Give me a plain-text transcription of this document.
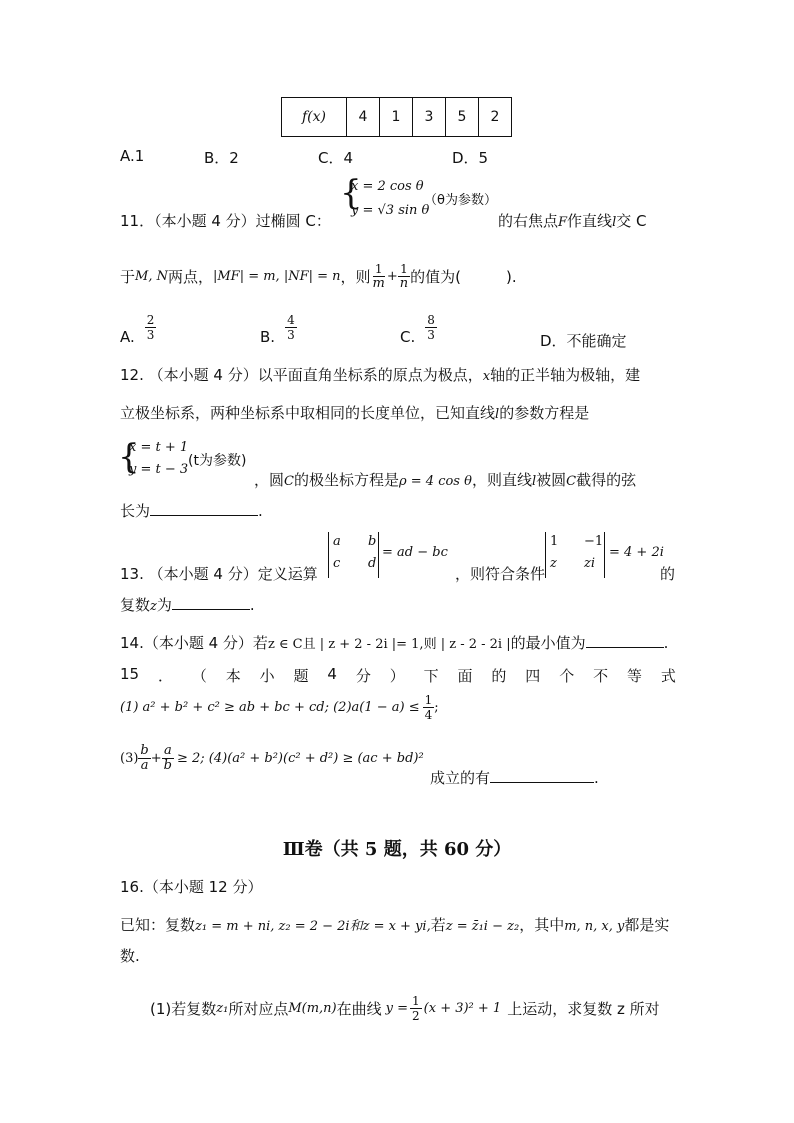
f(x)	4	1	3	5	2
A.1	B．2	C．4	D．5
11．（本小题 4 分）过椭圆 C：
{
x = 2 cos θ
y = √3 sin θ
（θ为参数）
的右焦点F作直线l交 C
于 M, N 两点， |MF| = m, |NF| = n ，则 $\frac{1}{m} + \frac{1}{n}$ 的值为(　　　).
A. $\frac{2}{3}$	B. $\frac{4}{3}$	C. $\frac{8}{3}$	D．不能确定
12. （本小题 4 分）以平面直角坐标系的原点为极点，x轴的正半轴为极轴，建
立极坐标系，两种坐标系中取相同的长度单位，已知直线l的参数方程是
{
x = t + 1
y = t − 3
(t为参数)
，圆C的极坐标方程是ρ = 4 cos θ，则直线l被圆C截得的弦
长为	.
13. （本小题 4 分）定义运算
a b
c d
= ad − bc
，则符合条件
1 −1
z zi
= 4 + 2i
的
复数z为	.
14.（本小题 4 分）若z ∈ C且 | z + 2 - 2i |= 1,则 | z - 2 - 2i |的最小值为	.
15 ． （ 本 小 题 4 分 ） 下 面 的 四 个 不 等 式
(1) a² + b² + c² ≥ ab + bc + cd; $(2)a(1 - a) \le \frac{1}{4}$ ;
$(3) \frac{b}{a} + \frac{a}{b} \ge 2$; (4)(a² + b²)(c² + d²) ≥ (ac + bd)²
成立的有	.
Ⅲ卷（共 5 题，共 60 分）
16.（本小题 12 分）
已知：复数z₁ = m + ni, z₂ = 2 − 2i和z = x + yi,若z = z̄₁i − z₂，其中m, n, x, y都是实
数.
(1)若复数 z₁ 所对应点 M(m,n) 在曲线 $y = \frac{1}{2} (x + 3)^2 + 1$ 上运动，求复数 z 所对
